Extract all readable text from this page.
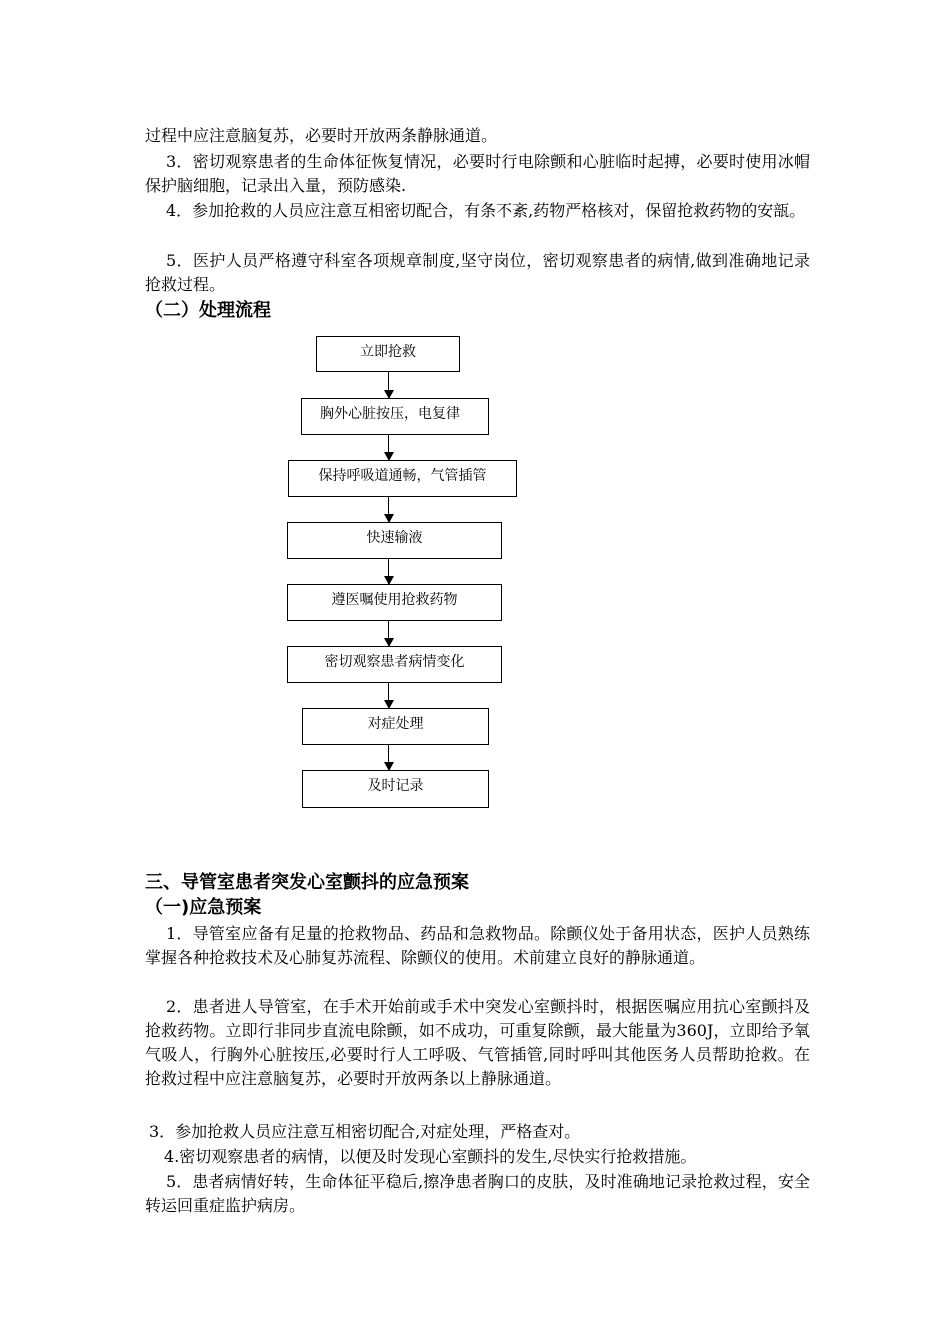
过程中应注意脑复苏，必要时开放两条静脉通道。

3．密切观察患者的生命体征恢复情况，必要时行电除颤和心脏临时起搏，必要时使用冰帽保护脑细胞，记录出入量，预防感染.

4．参加抢救的人员应注意互相密切配合，有条不紊,药物严格核对，保留抢救药物的安瓿。

5．医护人员严格遵守科室各项规章制度,坚守岗位，密切观察患者的病情,做到准确地记录抢救过程。

（二）处理流程
立即抢救
胸外心脏按压，电复律
保持呼吸道通畅，气管插管
快速输液
遵医嘱使用抢救药物
密切观察患者病情变化
对症处理
及时记录
三、导管室患者突发心室颤抖的应急预案
（一)应急预案

1．导管室应备有足量的抢救物品、药品和急救物品。除颤仪处于备用状态，医护人员熟练掌握各种抢救技术及心肺复苏流程、除颤仪的使用。术前建立良好的静脉通道。

2．患者进人导管室，在手术开始前或手术中突发心室颤抖时，根据医嘱应用抗心室颤抖及抢救药物。立即行非同步直流电除颤，如不成功，可重复除颤，最大能量为360J，立即给予氧气吸人，行胸外心脏按压,必要时行人工呼吸、气管插管,同时呼叫其他医务人员帮助抢救。在抢救过程中应注意脑复苏，必要时开放两条以上静脉通道。

3．参加抢救人员应注意互相密切配合,对症处理，严格查对。

4.密切观察患者的病情，以便及时发现心室颤抖的发生,尽快实行抢救措施。

5．患者病情好转，生命体征平稳后,擦净患者胸口的皮肤，及时准确地记录抢救过程，安全转运回重症监护病房。
